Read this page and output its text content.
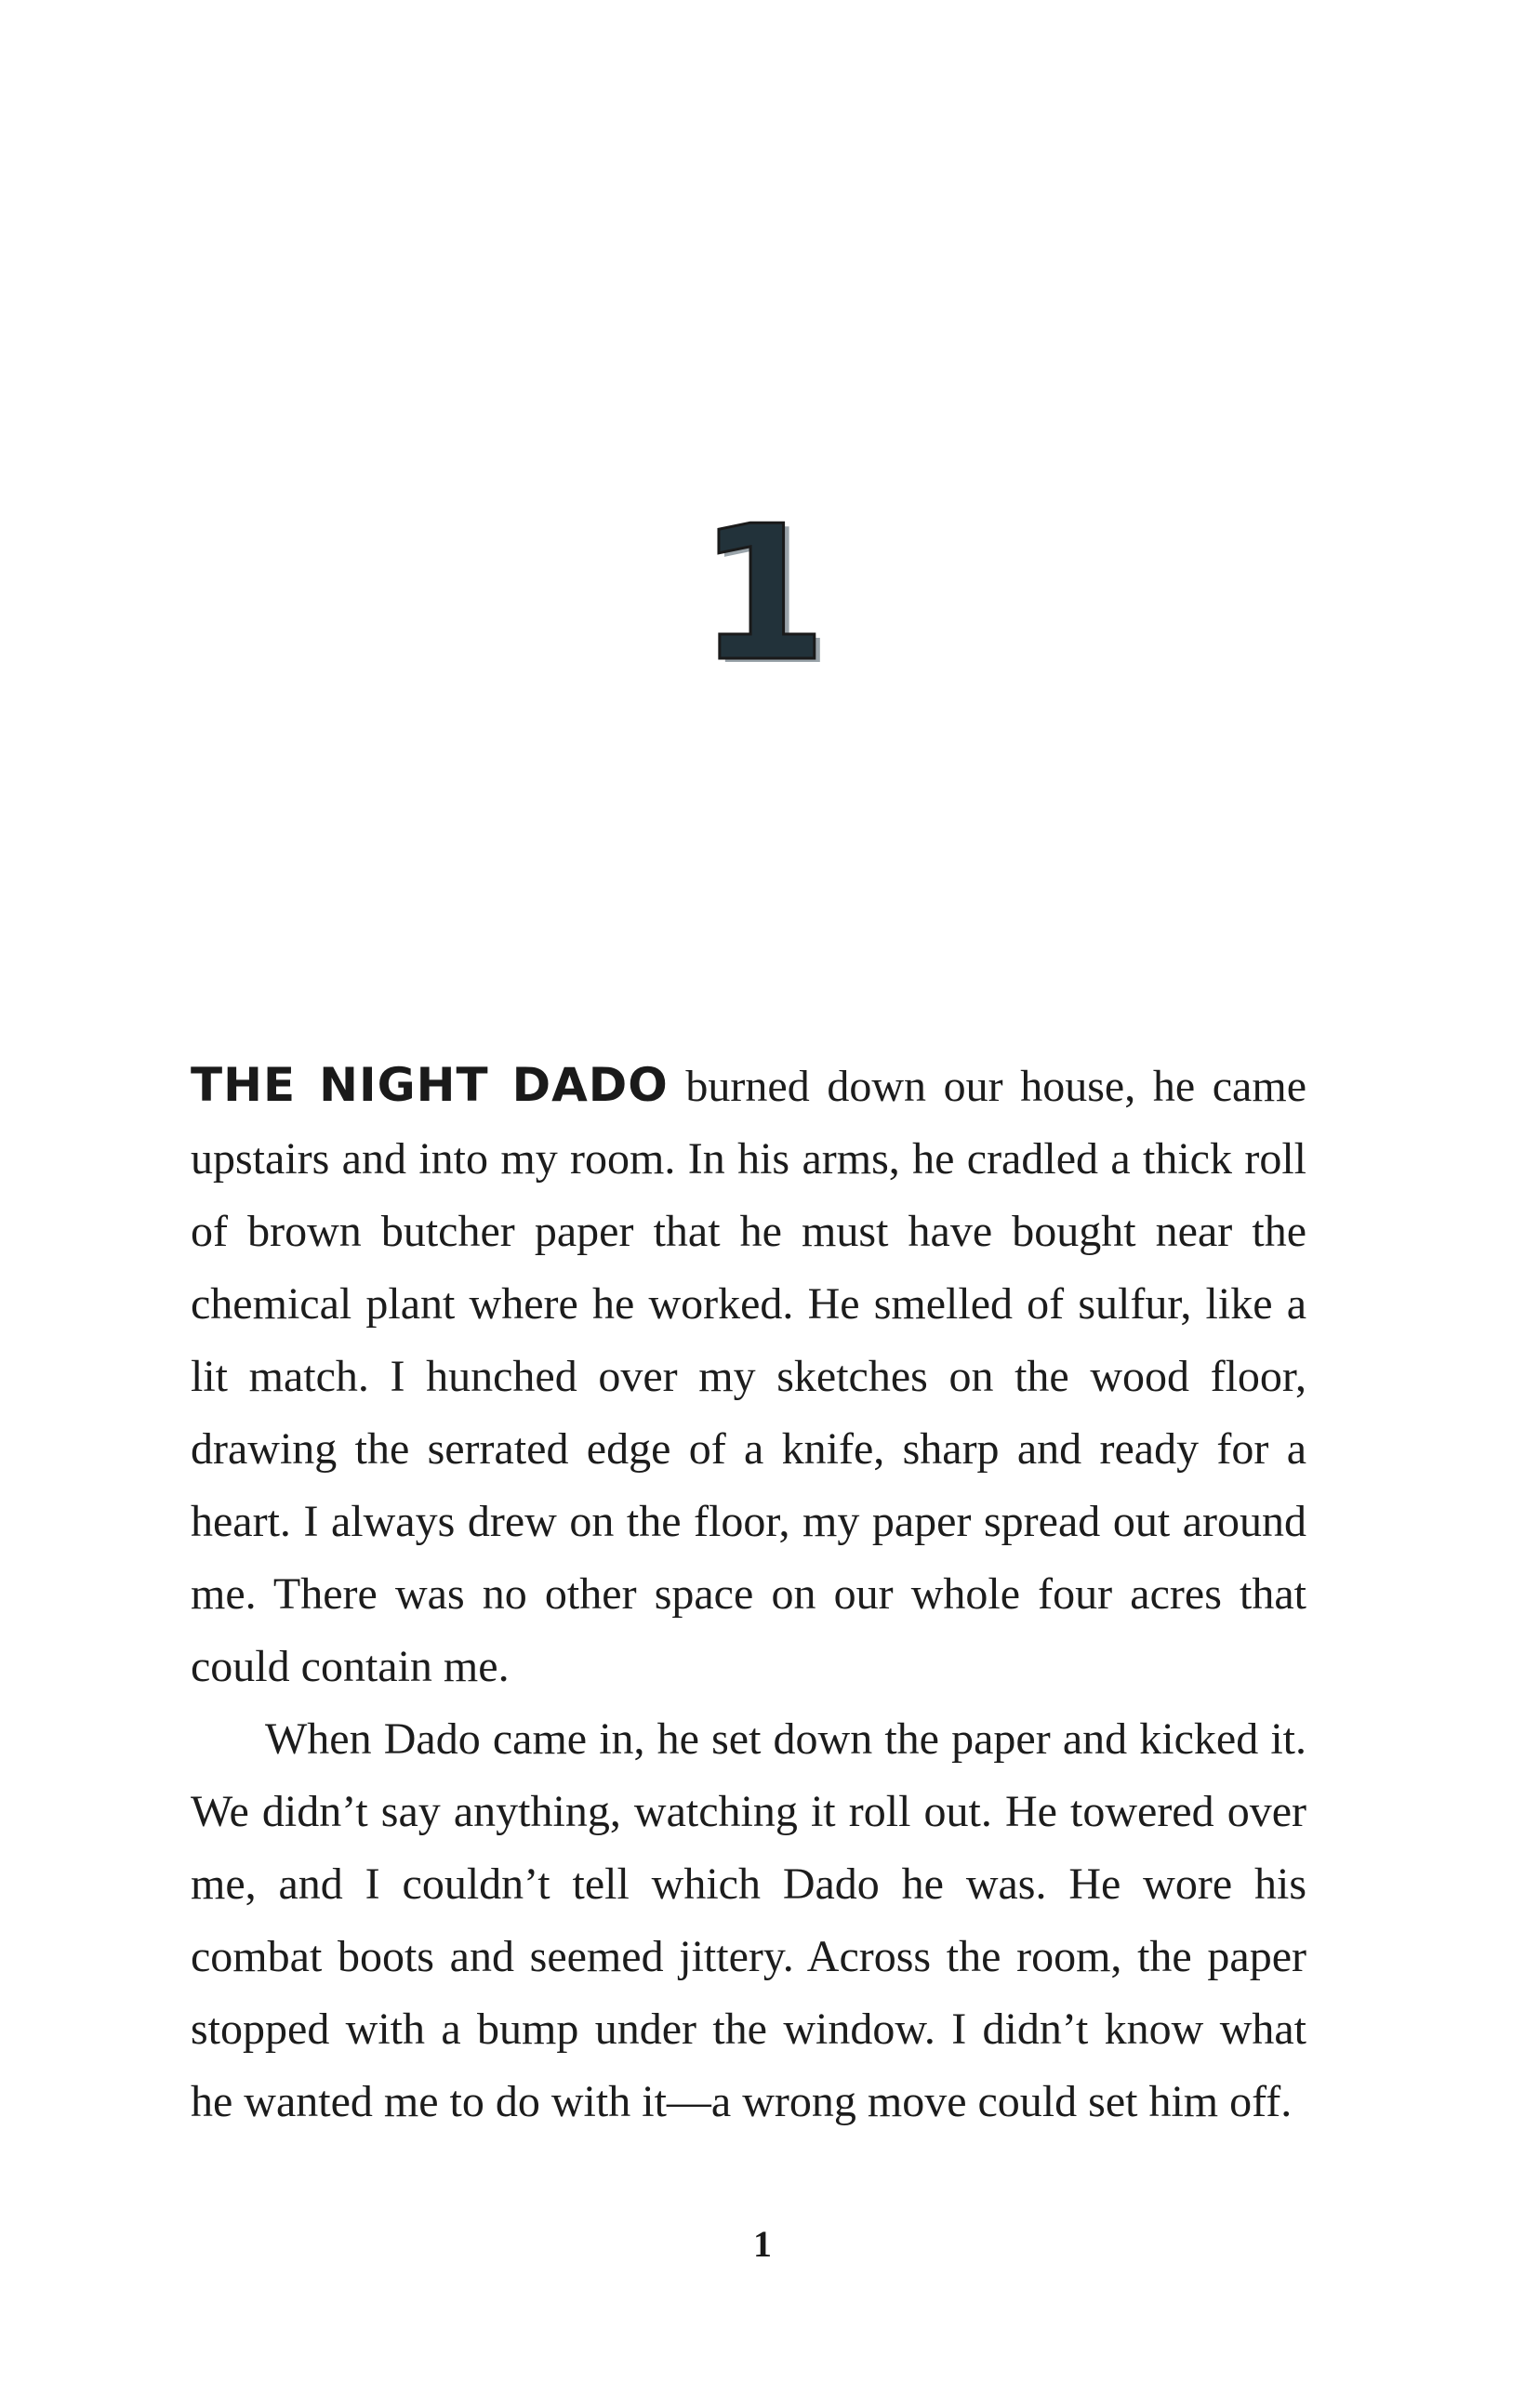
1

THE NIGHT DADO burned down our house, he came upstairs and into my room. In his arms, he cradled a thick roll of brown butcher paper that he must have bought near the chemical plant where he worked. He smelled of sulfur, like a lit match. I hunched over my sketches on the wood floor, drawing the serrated edge of a knife, sharp and ready for a heart. I always drew on the floor, my paper spread out around me. There was no other space on our whole four acres that could contain me.

When Dado came in, he set down the paper and kicked it. We didn’t say anything, watching it roll out. He towered over me, and I couldn’t tell which Dado he was. He wore his combat boots and seemed jittery. Across the room, the paper stopped with a bump under the window. I didn’t know what he wanted me to do with it—a wrong move could set him off.

1
